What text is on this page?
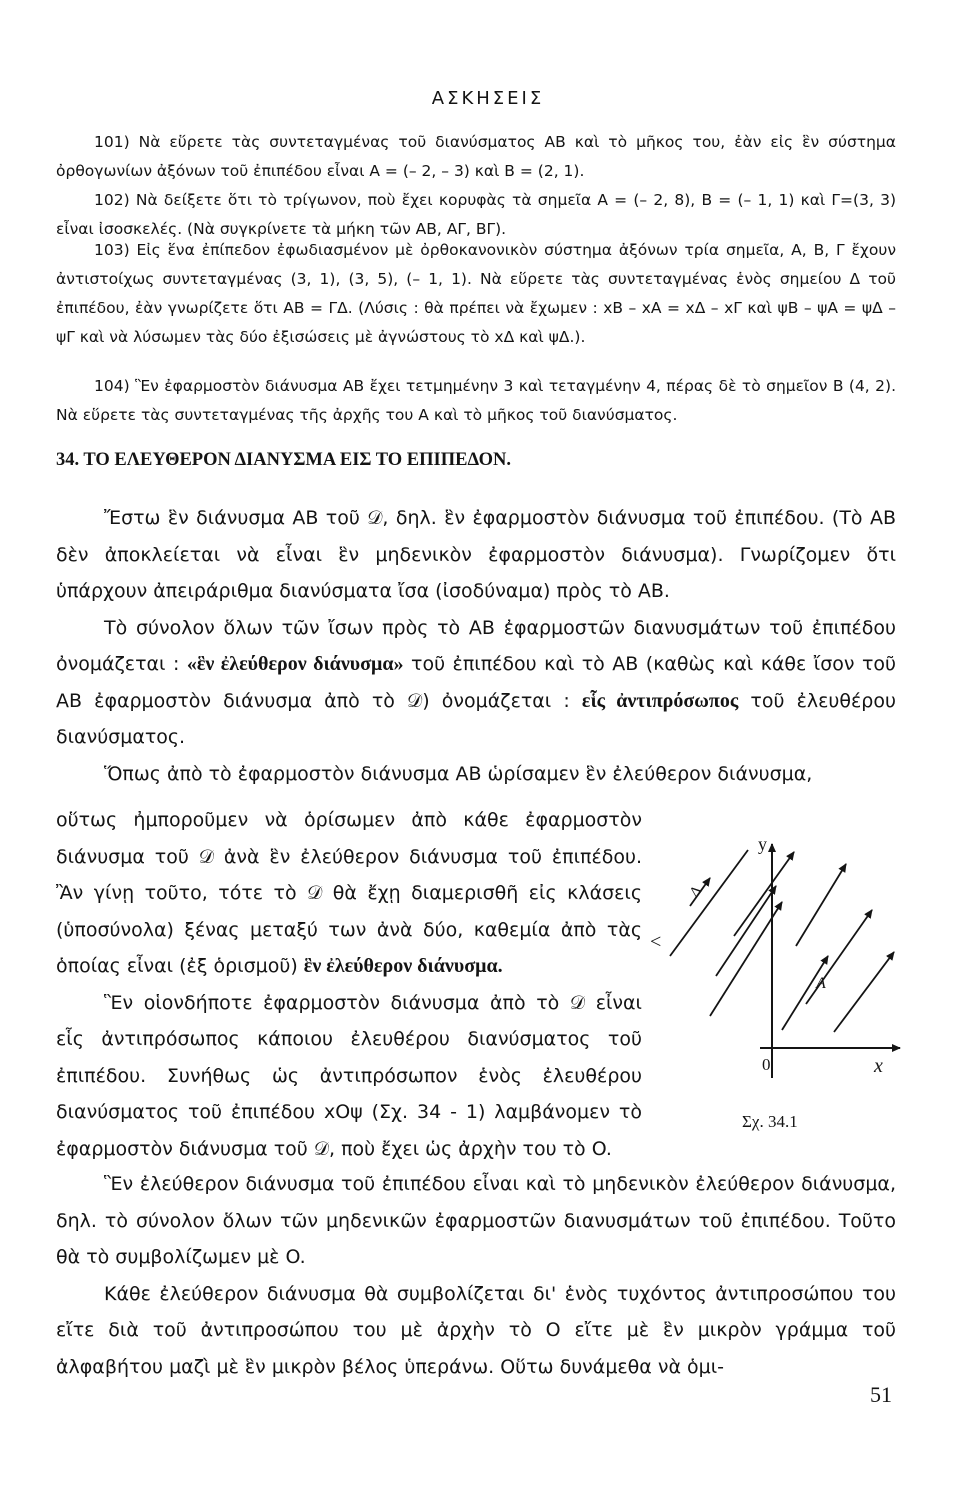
ΑΣΚΗΣΕΙΣ

101) Νὰ εὕρετε τὰς συντεταγμένας τοῦ διανύσματος ΑΒ καὶ τὸ μῆκος του, ἐὰν εἰς ἓν σύστημα ὀρθογωνίων ἀξόνων τοῦ ἐπιπέδου εἶναι Α = (– 2, – 3) καὶ Β = (2, 1).

102) Νὰ δείξετε ὅτι τὸ τρίγωνον, ποὺ ἔχει κορυφὰς τὰ σημεῖα Α = (– 2, 8), Β = (– 1, 1) καὶ Γ=(3, 3) εἶναι ἰσοσκελές. (Νὰ συγκρίνετε τὰ μήκη τῶν ΑΒ, ΑΓ, ΒΓ).

103) Εἰς ἕνα ἐπίπεδον ἐφωδιασμένον μὲ ὀρθοκανονικὸν σύστημα ἀξόνων τρία σημεῖα, Α, Β, Γ ἔχουν ἀντιστοίχως συντεταγμένας (3, 1), (3, 5), (– 1, 1). Νὰ εὕρετε τὰς συντεταγμένας ἑνὸς σημείου Δ τοῦ ἐπιπέδου, ἐὰν γνωρίζετε ὅτι ΑΒ = ΓΔ. (Λύσις : θὰ πρέπει νὰ ἔχωμεν : xΒ – xΑ = xΔ – xΓ καὶ ψΒ – ψΑ = ψΔ – ψΓ καὶ νὰ λύσωμεν τὰς δύο ἐξισώσεις μὲ ἀγνώστους τὸ xΔ καὶ ψΔ.).

104) Ἓν ἐφαρμοστὸν διάνυσμα ΑΒ ἔχει τετμημένην 3 καὶ τεταγμένην 4, πέρας δὲ τὸ σημεῖον Β (4, 2). Νὰ εὕρετε τὰς συντεταγμένας τῆς ἀρχῆς του Α καὶ τὸ μῆκος τοῦ διανύσματος.

34. ΤΟ ΕΛΕΥΘΕΡΟΝ ΔΙΑΝΥΣΜΑ ΕΙΣ ΤΟ ΕΠΙΠΕΔΟΝ.

Ἔστω ἓν διάνυσμα ΑΒ τοῦ 𝒟, δηλ. ἓν ἐφαρμοστὸν διάνυσμα τοῦ ἐπιπέδου. (Τὸ ΑΒ δὲν ἀποκλείεται νὰ εἶναι ἓν μηδενικὸν ἐφαρμοστὸν διάνυσμα). Γνωρίζομεν ὅτι ὑπάρχουν ἀπειράριθμα διανύσματα ἴσα (ἰσοδύναμα) πρὸς τὸ ΑΒ.

Τὸ σύνολον ὅλων τῶν ἴσων πρὸς τὸ ΑΒ ἐφαρμοστῶν διανυσμάτων τοῦ ἐπιπέδου ὀνομάζεται : «ἓν ἐλεύθερον διάνυσμα» τοῦ ἐπιπέδου καὶ τὸ ΑΒ (καθὼς καὶ κάθε ἴσον τοῦ ΑΒ ἐφαρμοστὸν διάνυσμα ἀπὸ τὸ 𝒟) ὀνομάζεται : εἷς ἀντιπρόσωπος τοῦ ἐλευθέρου διανύσματος.

Ὅπως ἀπὸ τὸ ἐφαρμοστὸν διάνυσμα ΑΒ ὡρίσαμεν ἓν ἐλεύθερον διάνυσμα,

οὕτως ἠμποροῦμεν νὰ ὁρίσωμεν ἀπὸ κάθε ἐφαρμοστὸν διάνυσμα τοῦ 𝒟 ἀνὰ ἓν ἐλεύθερον διάνυσμα τοῦ ἐπιπέδου. Ἂν γίνῃ τοῦτο, τότε τὸ 𝒟 θὰ ἔχῃ διαμερισθῆ εἰς κλάσεις (ὑποσύνολα) ξένας μεταξύ των ἀνὰ δύο, καθεμία ἀπὸ τὰς ὁποίας εἶναι (ἐξ ὁρισμοῦ) ἓν ἐλεύθερον διάνυσμα.

Ἓν οἱονδήποτε ἐφαρμοστὸν διάνυσμα ἀπὸ τὸ 𝒟 εἶναι εἷς ἀντιπρόσωπος κάποιου ἐλευθέρου διανύσματος τοῦ ἐπιπέδου. Συνήθως ὡς ἀντιπρόσωπον ἑνὸς ἐλευθέρου διανύσματος τοῦ ἐπιπέδου xOψ (Σχ. 34 - 1) λαμβάνομεν τὸ ἐφαρμοστὸν διάνυσμα τοῦ 𝒟, ποὺ ἔχει ὡς ἀρχὴν του τὸ O.

y
x
0
A
Δ
<
Σχ. 34.1

Ἓν ἐλεύθερον διάνυσμα τοῦ ἐπιπέδου εἶναι καὶ τὸ μηδενικὸν ἐλεύθερον διάνυσμα, δηλ. τὸ σύνολον ὅλων τῶν μηδενικῶν ἐφαρμοστῶν διανυσμάτων τοῦ ἐπιπέδου. Τοῦτο θὰ τὸ συμβολίζωμεν μὲ O.

Κάθε ἐλεύθερον διάνυσμα θὰ συμβολίζεται δι' ἑνὸς τυχόντος ἀντιπροσώπου του εἴτε διὰ τοῦ ἀντιπροσώπου του μὲ ἀρχὴν τὸ O εἴτε μὲ ἓν μικρὸν γράμμα τοῦ ἀλφαβήτου μαζὶ μὲ ἓν μικρὸν βέλος ὑπεράνω. Οὕτω δυνάμεθα νὰ ὁμι-

51
